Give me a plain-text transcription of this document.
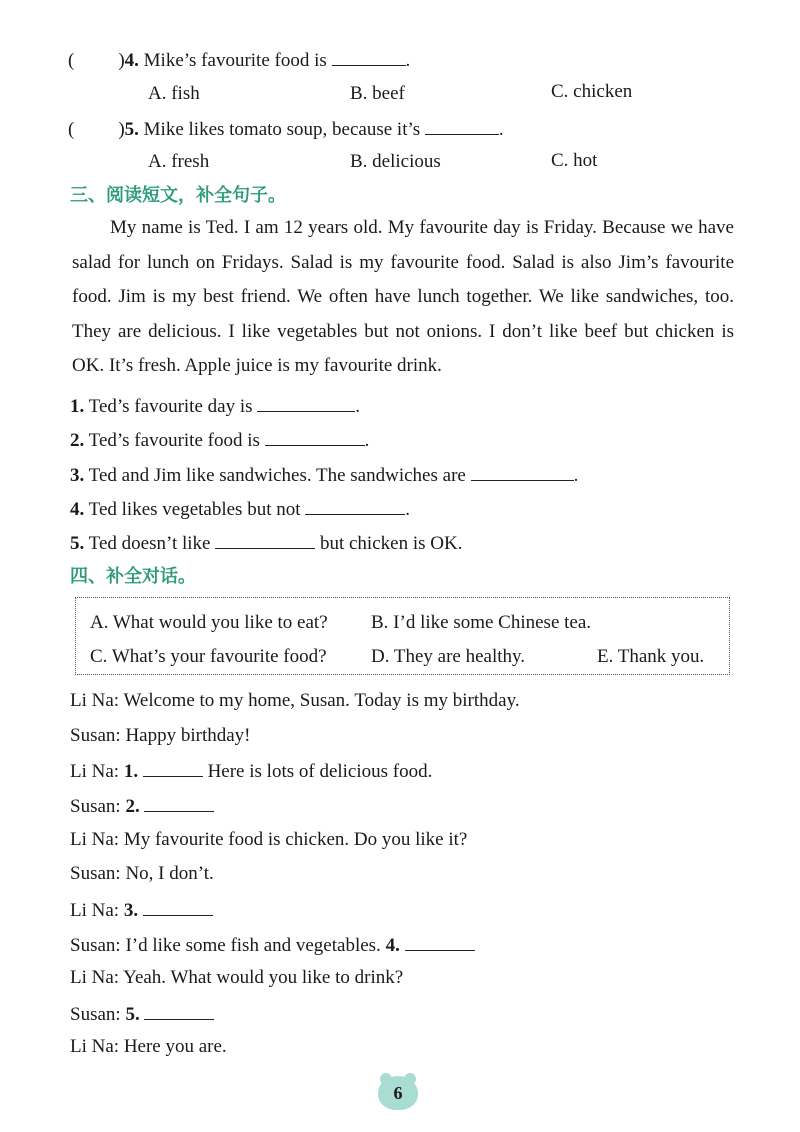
( )4. Mike’s favourite food is	.
A. fish	B. beef	C. chicken
( )5. Mike likes tomato soup, because it’s	.
A. fresh	B. delicious	C. hot
三、阅读短文，补全句子。

My name is Ted. I am 12 years old. My favourite day is Friday. Because we have salad for lunch on Fridays. Salad is my favourite food. Salad is also Jim’s favourite food. Jim is my best friend. We often have lunch together. We like sandwiches, too. They are delicious. I like vegetables but not onions. I don’t like beef but chicken is OK. It’s fresh. Apple juice is my favourite drink.

1. Ted’s favourite day is	.
2. Ted’s favourite food is	.
3. Ted and Jim like sandwiches. The sandwiches are	.
4. Ted likes vegetables but not	.
5. Ted doesn’t like	but chicken is OK.
四、补全对话。
A. What would you like to eat? B. I’d like some Chinese tea.
C. What’s your favourite food? D. They are healthy.	E. Thank you.
Li Na: Welcome to my home, Susan. Today is my birthday.
Susan: Happy birthday!
Li Na: 1.	Here is lots of delicious food.
Susan: 2.
Li Na: My favourite food is chicken. Do you like it?
Susan: No, I don’t.
Li Na: 3.
Susan: I’d like some fish and vegetables. 4.
Li Na: Yeah. What would you like to drink?
Susan: 5.
Li Na: Here you are.
6
